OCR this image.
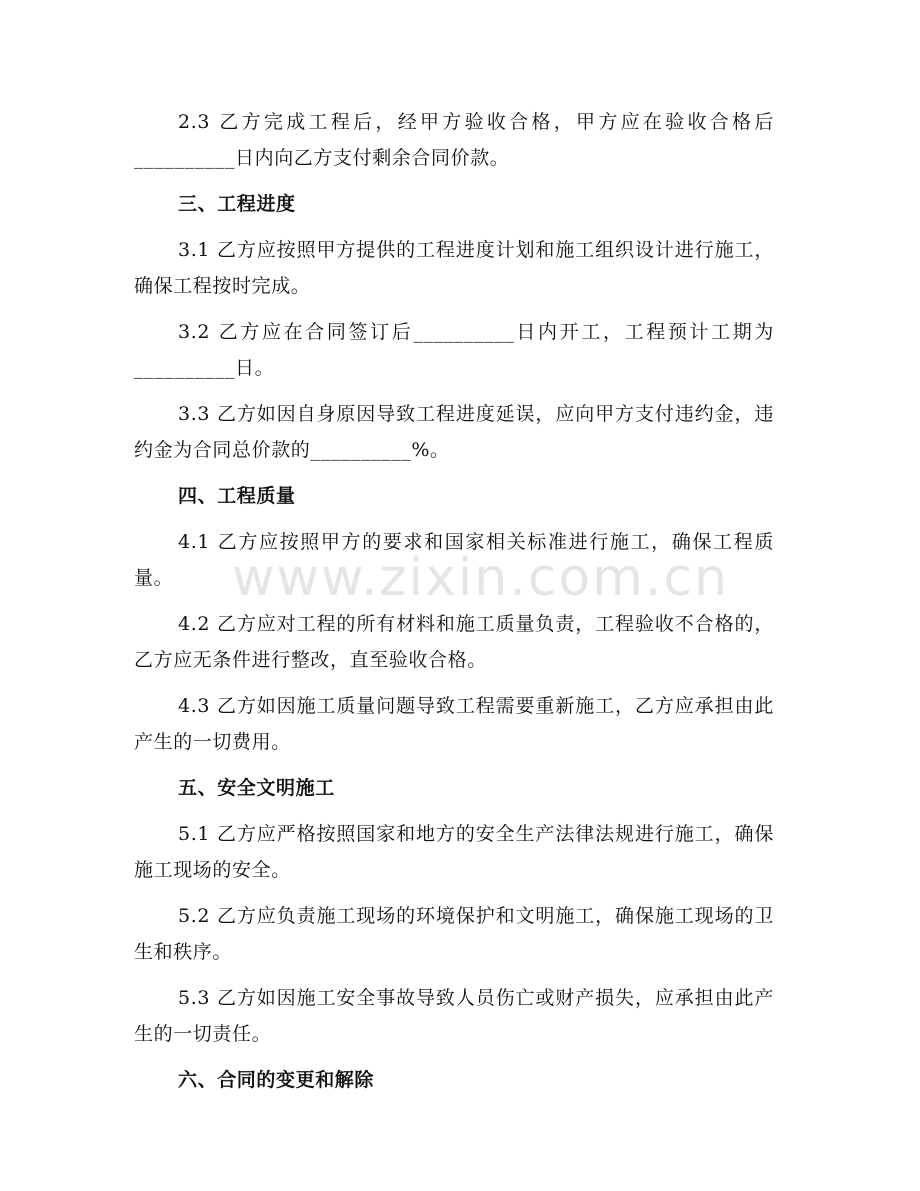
2.3 乙方完成工程后，经甲方验收合格，甲方应在验收合格后__________日内向乙方支付剩余合同价款。

三、工程进度

3.1 乙方应按照甲方提供的工程进度计划和施工组织设计进行施工，确保工程按时完成。

3.2 乙方应在合同签订后__________日内开工，工程预计工期为__________日。

3.3 乙方如因自身原因导致工程进度延误，应向甲方支付违约金，违约金为合同总价款的__________%。

四、工程质量

4.1 乙方应按照甲方的要求和国家相关标准进行施工，确保工程质量。

4.2 乙方应对工程的所有材料和施工质量负责，工程验收不合格的，乙方应无条件进行整改，直至验收合格。

4.3 乙方如因施工质量问题导致工程需要重新施工，乙方应承担由此产生的一切费用。

五、安全文明施工

5.1 乙方应严格按照国家和地方的安全生产法律法规进行施工，确保施工现场的安全。

5.2 乙方应负责施工现场的环境保护和文明施工，确保施工现场的卫生和秩序。

5.3 乙方如因施工安全事故导致人员伤亡或财产损失，应承担由此产生的一切责任。

六、合同的变更和解除

www.zixin.com.cn
